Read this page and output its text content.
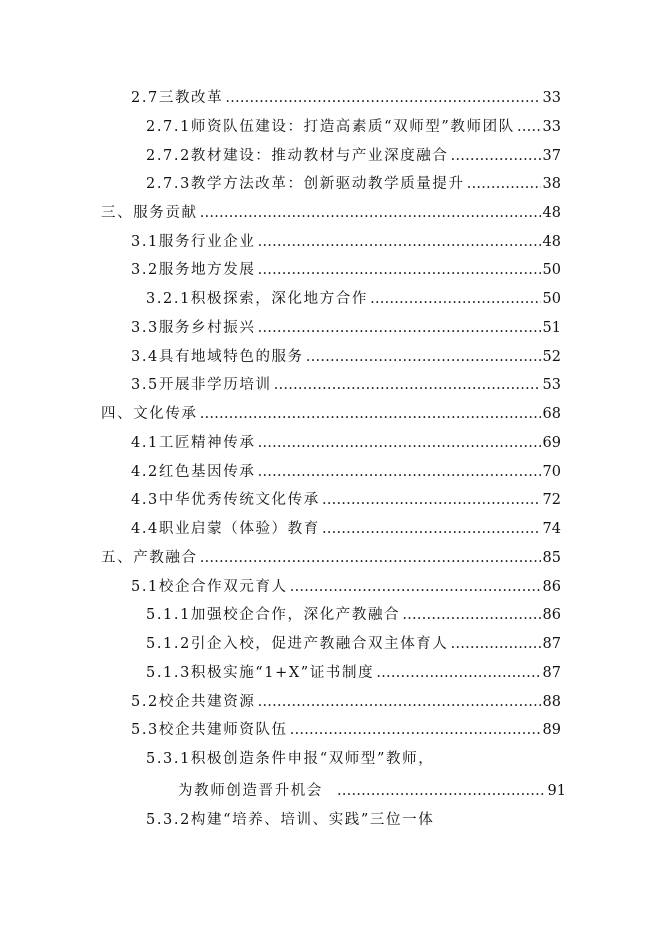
2.7三教改革 …………………………………………………………………………………………………………………………………………………………	33
2.7.1师资队伍建设：打造高素质“双师型”教师团队 ………………………………………………………………………………………………………………………………………………………… 33
2.7.2教材建设：推动教材与产业深度融合 …………………………………………………………………………………………………………………………………………………………	37
2.7.3教学方法改革：创新驱动教学质量提升 …………………………………………………………………………………………………………………………………………………………	38
三、服务贡献 …………………………………………………………………………………………………………………………………………………………	48
3.1服务行业企业 …………………………………………………………………………………………………………………………………………………………	48
3.2服务地方发展 …………………………………………………………………………………………………………………………………………………………	50
3.2.1积极探索，深化地方合作 …………………………………………………………………………………………………………………………………………………………	50
3.3服务乡村振兴 …………………………………………………………………………………………………………………………………………………………	51
3.4具有地域特色的服务 …………………………………………………………………………………………………………………………………………………………	52
3.5开展非学历培训 …………………………………………………………………………………………………………………………………………………………	53
四、文化传承 …………………………………………………………………………………………………………………………………………………………	68
4.1工匠精神传承 …………………………………………………………………………………………………………………………………………………………	69
4.2红色基因传承 …………………………………………………………………………………………………………………………………………………………	70
4.3中华优秀传统文化传承 …………………………………………………………………………………………………………………………………………………………	72
4.4职业启蒙（体验）教育 …………………………………………………………………………………………………………………………………………………………	74
五、产教融合 …………………………………………………………………………………………………………………………………………………………	85
5.1校企合作双元育人 …………………………………………………………………………………………………………………………………………………………	86
5.1.1加强校企合作，深化产教融合 …………………………………………………………………………………………………………………………………………………………	86
5.1.2引企入校，促进产教融合双主体育人 …………………………………………………………………………………………………………………………………………………………	87
5.1.3积极实施“1+X”证书制度 …………………………………………………………………………………………………………………………………………………………	87
5.2校企共建资源 …………………………………………………………………………………………………………………………………………………………	88
5.3校企共建师资队伍 …………………………………………………………………………………………………………………………………………………………	89
5.3.1积极创造条件申报“双师型”教师，
为教师创造晋升机会 …………………………………………………………………………………………………………………………………………………………	91
5.3.2构建“培养、培训、实践”三位一体
